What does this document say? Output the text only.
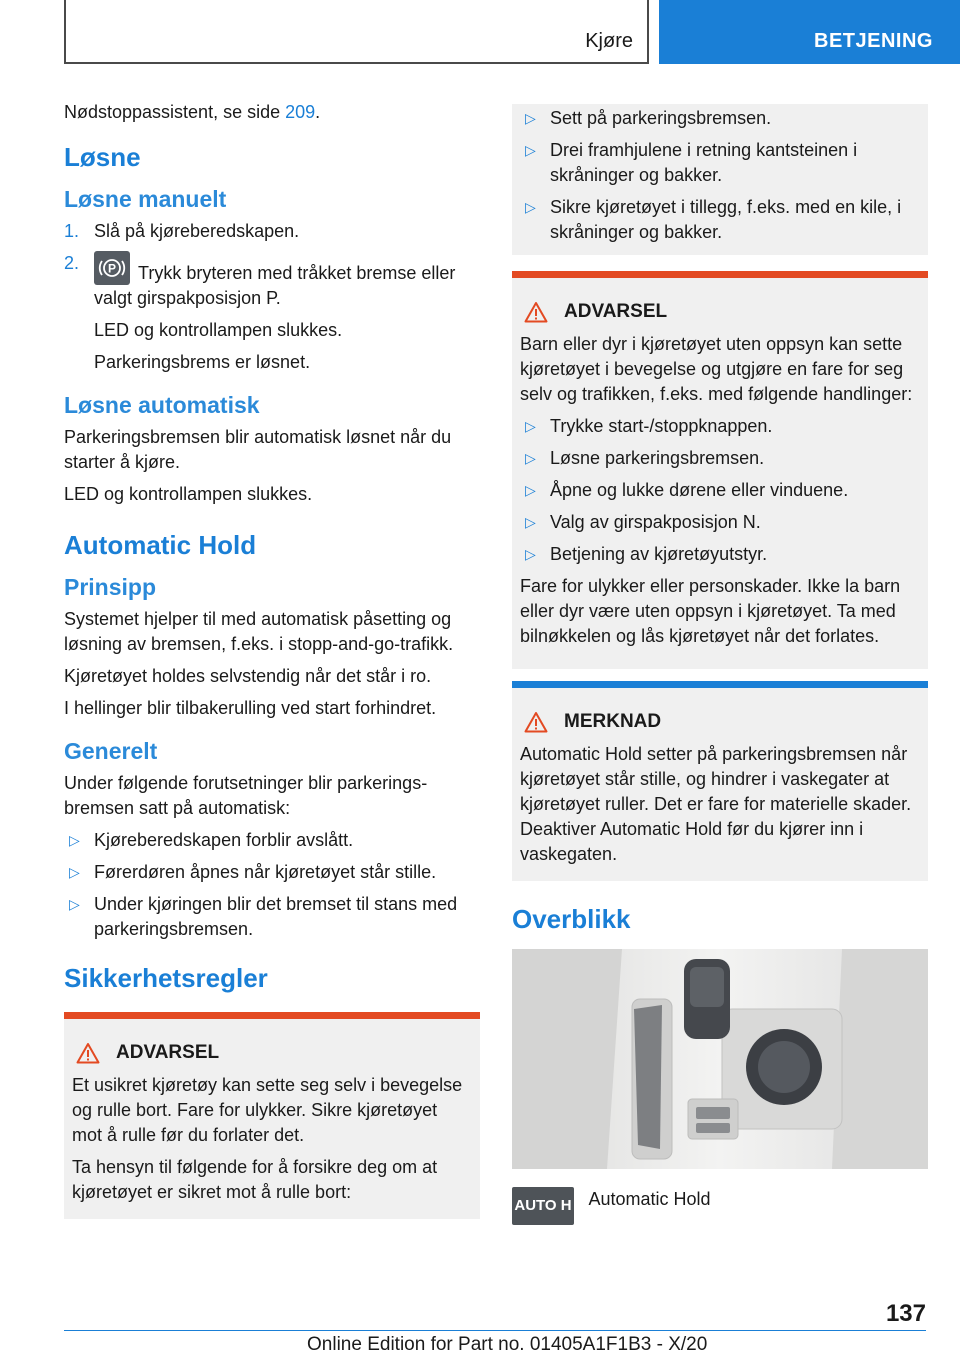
Kjøre	BETJENING

Nødstoppassistent, se side 209.

Løsne
Løsne manuelt
1. Slå på kjøreberedskapen.
2. P Trykk bryteren med tråkket bremse eller valgt girspakposisjon P.
LED og kontrollampen slukkes.
Parkeringsbrems er løsnet.
Løsne automatisk

Parkeringsbremsen blir automatisk løsnet når du starter å kjøre.

LED og kontrollampen slukkes.

Automatic Hold
Prinsipp

Systemet hjelper til med automatisk påsetting og løsning av bremsen, f.eks. i stopp-and-go-trafikk.

Kjøretøyet holdes selvstendig når det står i ro.

I hellinger blir tilbakerulling ved start forhindret.

Generelt

Under følgende forutsetninger blir parkeringsbremsen satt på automatisk:

▷ Kjøreberedskapen forblir avslått.
▷ Førerdøren åpnes når kjøretøyet står stille.
▷ Under kjøringen blir det bremset til stans med parkeringsbremsen.
Sikkerhetsregler
ADVARSEL

Et usikret kjøretøy kan sette seg selv i bevegelse og rulle bort. Fare for ulykker. Sikre kjøretøyet mot å rulle før du forlater det.

Ta hensyn til følgende for å forsikre deg om at kjøretøyet er sikret mot å rulle bort:

▷ Sett på parkeringsbremsen.
▷ Drei framhjulene i retning kantsteinen i skråninger og bakker.
▷ Sikre kjøretøyet i tillegg, f.eks. med en kile, i skråninger og bakker.
ADVARSEL

Barn eller dyr i kjøretøyet uten oppsyn kan sette kjøretøyet i bevegelse og utgjøre en fare for seg selv og trafikken, f.eks. med følgende handlinger:

▷ Trykke start-/stoppknappen.
▷ Løsne parkeringsbremsen.
▷ Åpne og lukke dørene eller vinduene.
▷ Valg av girspakposisjon N.
▷ Betjening av kjøretøyutstyr.

Fare for ulykker eller personskader. Ikke la barn eller dyr være uten oppsyn i kjøretøyet. Ta med bilnøkkelen og lås kjøretøyet når det forlates.

MERKNAD

Automatic Hold setter på parkeringsbremsen når kjøretøyet står stille, og hindrer i vaskegater at kjøretøyet ruller. Det er fare for materielle skader. Deaktiver Automatic Hold før du kjører inn i vaskegaten.

Overblikk
AUTO H Automatic Hold
137
Online Edition for Part no. 01405A1F1B3 - X/20
